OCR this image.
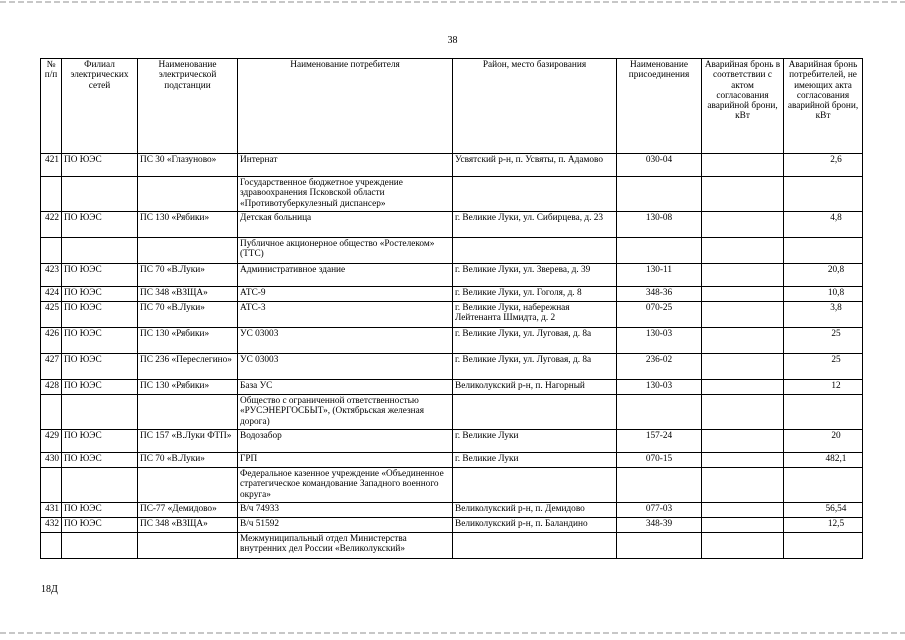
38
№ п/п	Филиал электрических сетей	Наименование электрической подстанции	Наименование потребителя	Район, место базирования	Наименование присоединения	Аварийная бронь в соответствии с актом согласования аварийной брони, кВт	Аварийная бронь потребителей, не имеющих акта согласования аварийной брони, кВт
421	ПО ЮЭС	ПС 30 «Глазуново»	Интернат	Усвятский р-н, п. Усвяты, п. Адамово	030-04		2,6
			Государственное бюджетное учреждение здравоохранения Псковской области «Противотуберкулезный диспансер»				
422	ПО ЮЭС	ПС 130 «Рябики»	Детская больница	г. Великие Луки, ул. Сибирцева, д. 23	130-08		4,8
			Публичное акционерное общество «Ростелеком» (ТТС)				
423	ПО ЮЭС	ПС 70 «В.Луки»	Административное здание	г. Великие Луки, ул. Зверева, д. 39	130-11		20,8
424	ПО ЮЭС	ПС 348 «ВЗЩА»	АТС-9	г. Великие Луки, ул. Гоголя, д. 8	348-36		10,8
425	ПО ЮЭС	ПС 70 «В.Луки»	АТС-3	г. Великие Луки, набережная Лейтенанта Шмидта, д. 2	070-25		3,8
426	ПО ЮЭС	ПС 130 «Рябики»	УС 03003	г. Великие Луки, ул. Луговая, д. 8а	130-03		25
427	ПО ЮЭС	ПС 236 «Переслегино»	УС 03003	г. Великие Луки, ул. Луговая, д. 8а	236-02		25
428	ПО ЮЭС	ПС 130 «Рябики»	База УС	Великолукский р-н, п. Нагорный	130-03		12
			Общество с ограниченной ответственностью «РУСЭНЕРГОСБЫТ», (Октябрьская железная дорога)				
429	ПО ЮЭС	ПС 157 «В.Луки ФТП»	Водозабор	г. Великие Луки	157-24		20
430	ПО ЮЭС	ПС 70 «В.Луки»	ГРП	г. Великие Луки	070-15		482,1
			Федеральное казенное учреждение «Объединенное стратегическое командование Западного военного округа»				
431	ПО ЮЭС	ПС-77 «Демидово»	В/ч 74933	Великолукский р-н, п. Демидово	077-03		56,54
432	ПО ЮЭС	ПС 348 «ВЗЩА»	В/ч 51592	Великолукский р-н, п. Баландино	348-39		12,5
			Межмуниципальный отдел Министерства внутренних дел России «Великолукский»				
18Д
